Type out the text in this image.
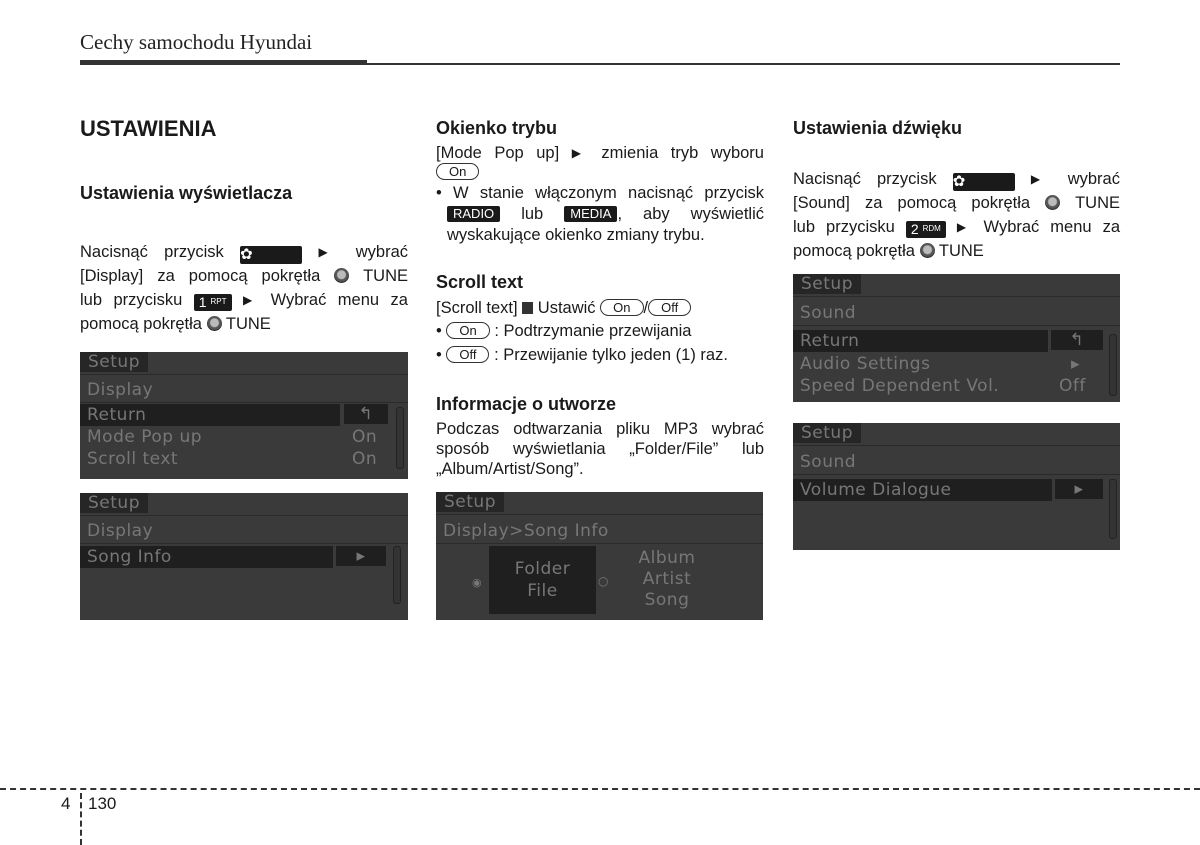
Cechy samochodu Hyundai
USTAWIENIA
Ustawienia wyświetlacza
Nacisnąć przycisk ✿	▶ wybrać
[Display] za pomocą pokrętła	TUNE
lub przycisku 1 RPT ▶ Wybrać menu za
pomocą pokrętła TUNE
Setup
Display
Return	↰
Mode Pop up	On
Scroll text	On
Setup
Display
Song Info	▸
Okienko trybu
[Mode Pop up] ▶ zmienia tryb wyboru
On
• W stanie włączonym nacisnąć przycisk
RADIO lub MEDIA , aby wyświetlić
wyskakujące okienko zmiany trybu.
Scroll text
[Scroll text] Ustawić On / Off
• On : Podtrzymanie przewijania
• Off : Przewijanie tylko jeden (1) raz.
Informacje o utworze
Podczas odtwarzania pliku MP3 wybrać
sposób wyświetlania „Folder/File” lub
„Album/Artist/Song”.
Setup
Display>Song Info
◉
Folder
File	○
Album
Artist
Song
Ustawienia dźwięku
Nacisnąć przycisk ✿	▶ wybrać
[Sound] za pomocą pokrętła	TUNE
lub przycisku 2 RDM ▶ Wybrać menu za
pomocą pokrętła TUNE
Setup
Sound
Return	↰
Audio Settings	▸
Speed Dependent Vol.	Off
Setup
Sound
Volume Dialogue	▸
4 130
